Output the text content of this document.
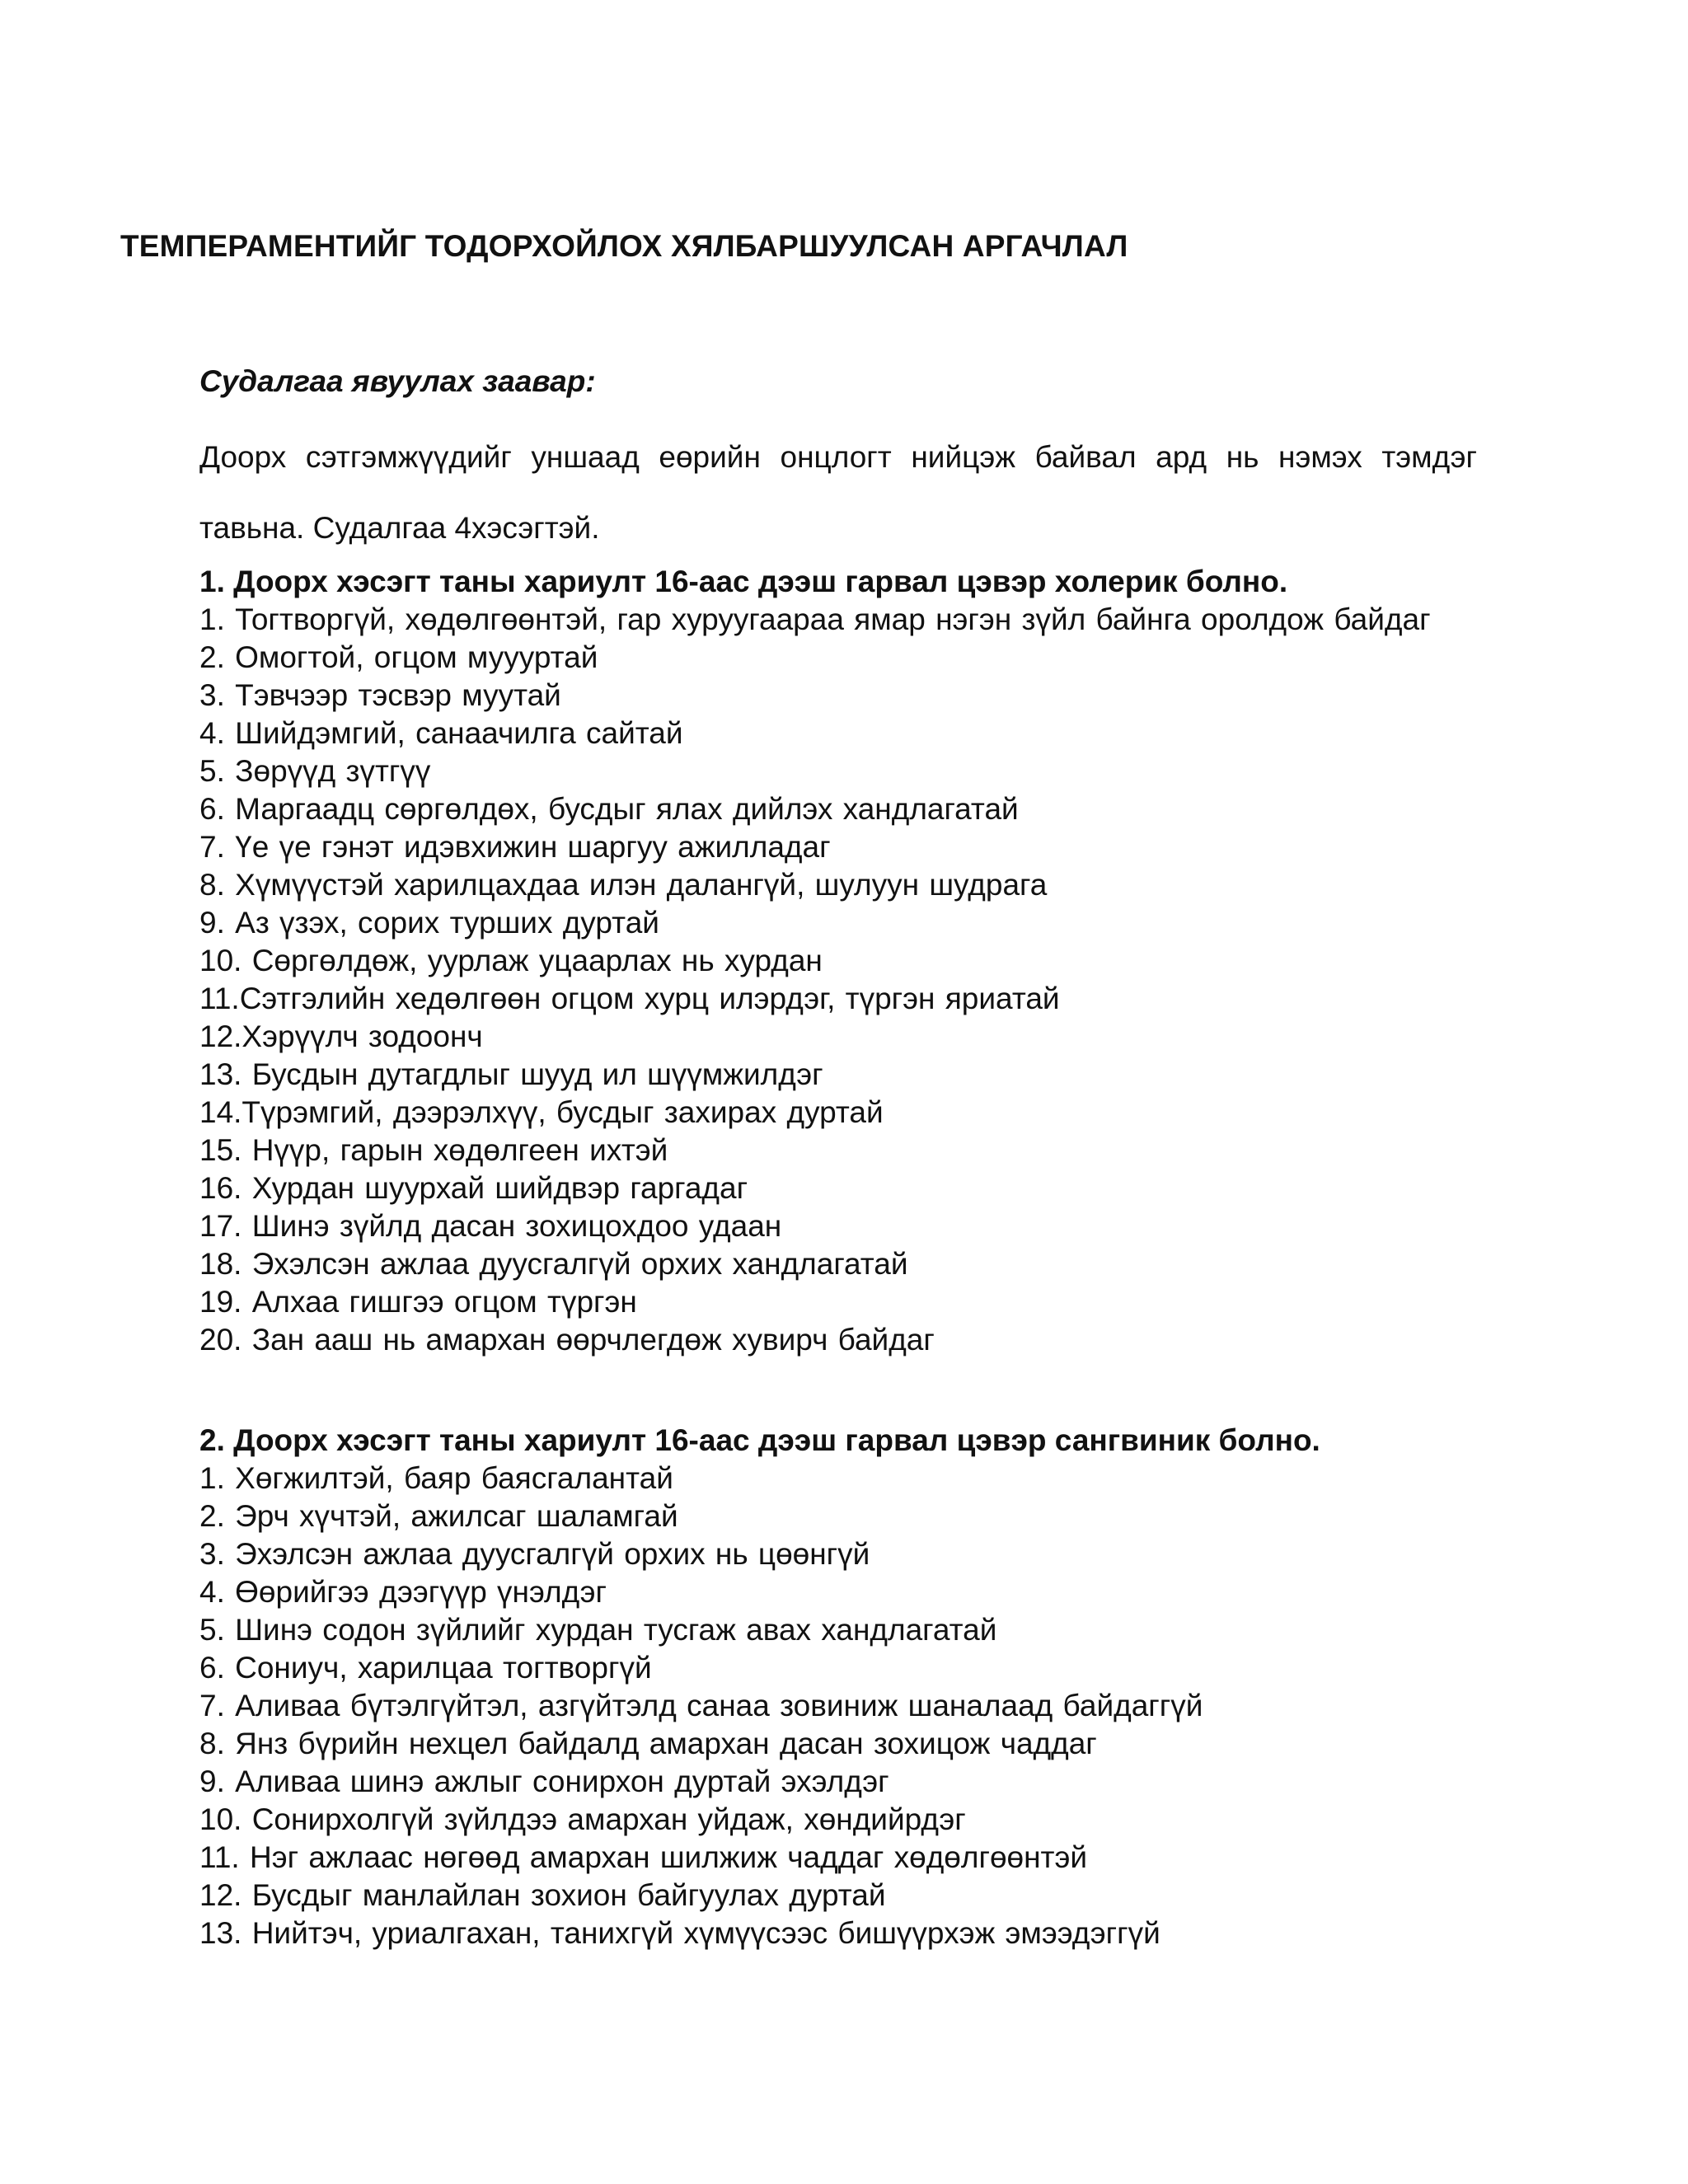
ТЕМПЕРАМЕНТИЙГ ТОДОРХОЙЛОХ ХЯЛБАРШУУЛСАН АРГАЧЛАЛ
Судалгаа явуулах заавар:

Доорх сэтгэмжүүдийг уншаад еөрийн онцлогт нийцэж байвал ард нь нэмэх тэмдэг тавьна. Судалгаа 4хэсэгтэй.

1. Доорх хэсэгт таны хариулт 16-аас дээш гарвал цэвэр холерик болно.
1. Тогтворгүй, хөдөлгөөнтэй, гар хуруугаараа ямар нэгэн зүйл байнга оролдож байдаг
2. Омогтой, огцом муууртай
3. Тэвчээр тэсвэр муутай
4. Шийдэмгий, санаачилга сайтай
5. Зөрүүд зүтгүү
6. Маргаадц сөргөлдөх, бусдыг ялах дийлэх хандлагатай
7. Үе үе гэнэт идэвхижин шаргуу ажилладаг
8. Хүмүүстэй харилцахдаа илэн далангүй, шулуун шудрага
9. Аз үзэх, сорих турших дуртай
10. Сөргөлдөж, уурлаж уцаарлах нь хурдан
11.Сэтгэлийн хедөлгөөн огцом хурц илэрдэг, түргэн яриатай
12.Хэрүүлч зодоонч
13. Бусдын дутагдлыг шууд ил шүүмжилдэг
14.Түрэмгий, дээрэлхүү, бусдыг захирах дуртай
15. Нүүр, гарын хөдөлгеен ихтэй
16. Хурдан шуурхай шийдвэр гаргадаг
17. Шинэ зүйлд дасан зохицохдоо удаан
18. Эхэлсэн ажлаа дуусгалгүй орхих хандлагатай
19. Алхаа гишгээ огцом түргэн
20. Зан ааш нь амархан өөрчлегдөж хувирч байдаг
2. Доорх хэсэгт таны хариулт 16-аас дээш гарвал цэвэр сангвиник болно.
1. Хөгжилтэй, баяр баясгалантай
2. Эрч хүчтэй, ажилсаг шаламгай
3. Эхэлсэн ажлаа дуусгалгүй орхих нь цөөнгүй
4. Өөрийгээ дээгүүр үнэлдэг
5. Шинэ содон зүйлийг хурдан тусгаж авах хандлагатай
6. Сониуч, харилцаа тогтворгүй
7. Аливаа бүтэлгүйтэл, азгүйтэлд санаа зовиниж шаналаад байдаггүй
8. Янз бүрийн нехцел байдалд амархан дасан зохицож чаддаг
9. Аливаа шинэ ажлыг сонирхон дуртай эхэлдэг
10. Сонирхолгүй зүйлдээ амархан уйдаж, хөндийрдэг
11. Нэг ажлаас нөгөөд амархан шилжиж чаддаг хөдөлгөөнтэй
12. Бусдыг манлайлан зохион байгуулах дуртай
13. Нийтэч, уриалгахан, танихгүй хүмүүсээс бишүүрхэж эмээдэггүй
